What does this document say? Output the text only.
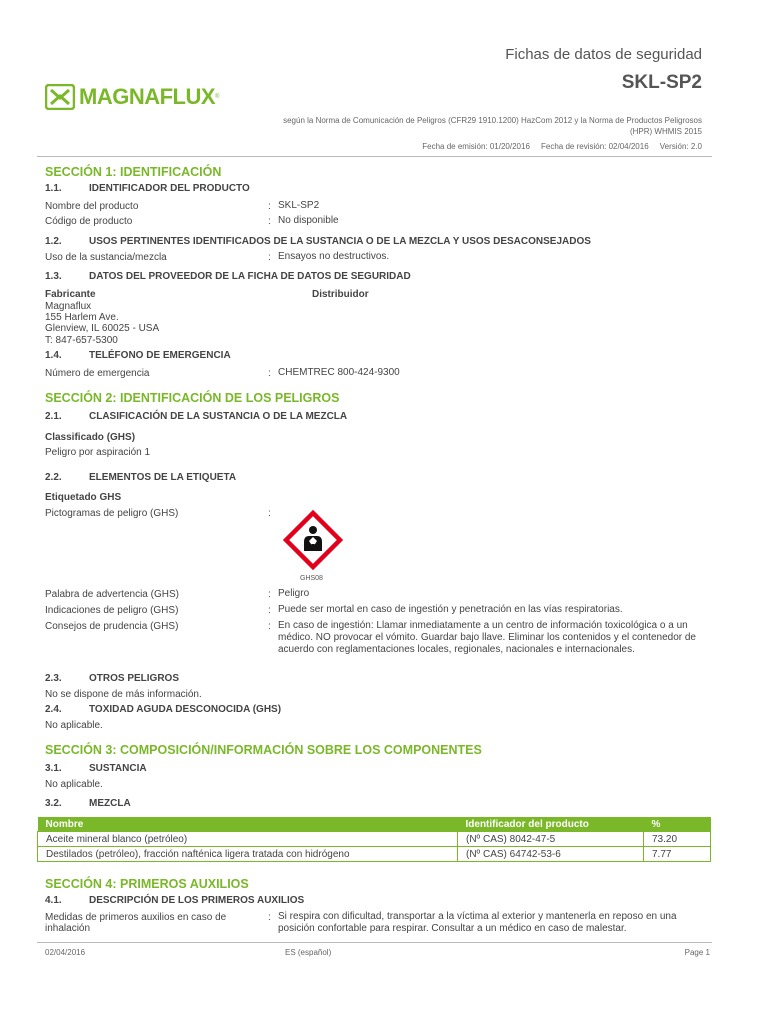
Fichas de datos de seguridad
SKL-SP2
MAGNAFLUX ®
según la Norma de Comunicación de Peligros (CFR29 1910.1200) HazCom 2012 y la Norma de Productos Peligrosos
(HPR) WHMIS 2015
Fecha de emisión: 01/20/2016     Fecha de revisión: 02/04/2016     Versión: 2.0
SECCIÓN 1: IDENTIFICACIÓN
1.1.	IDENTIFICADOR DEL PRODUCTO
Nombre del producto	: SKL-SP2
Código de producto	: No disponible
1.2.	USOS PERTINENTES IDENTIFICADOS DE LA SUSTANCIA O DE LA MEZCLA Y USOS DESACONSEJADOS
Uso de la sustancia/mezcla	: Ensayos no destructivos.
1.3.	DATOS DEL PROVEEDOR DE LA FICHA DE DATOS DE SEGURIDAD
Fabricante	Distribuidor
Magnaflux
155 Harlem Ave.
Glenview, IL 60025 - USA
T: 847-657-5300
1.4.	TELÉFONO DE EMERGENCIA
Número de emergencia	: CHEMTREC 800-424-9300
SECCIÓN 2: IDENTIFICACIÓN DE LOS PELIGROS
2.1.	CLASIFICACIÓN DE LA SUSTANCIA O DE LA MEZCLA
Classificado (GHS)
Peligro por aspiración 1
2.2.	ELEMENTOS DE LA ETIQUETA
Etiquetado GHS
Pictogramas de peligro (GHS)	:
GHS08
Palabra de advertencia (GHS)	: Peligro
Indicaciones de peligro (GHS)	: Puede ser mortal en caso de ingestión y penetración en las vías respiratorias.
Consejos de prudencia (GHS)	: En caso de ingestión: Llamar inmediatamente a un centro de información toxicológica o a un
médico. NO provocar el vómito. Guardar bajo llave. Eliminar los contenidos y el contenedor de
acuerdo con reglamentaciones locales, regionales, nacionales e internacionales.
2.3.	OTROS PELIGROS
No se dispone de más información.
2.4.	TOXIDAD AGUDA DESCONOCIDA (GHS)
No aplicable.
SECCIÓN 3: COMPOSICIÓN/INFORMACIÓN SOBRE LOS COMPONENTES
3.1.	SUSTANCIA
No aplicable.
3.2.	MEZCLA
Nombre	Identificador del producto	%
Aceite mineral blanco (petróleo)	(Nº CAS) 8042-47-5	73.20
Destilados (petróleo), fracción nafténica ligera tratada con hidrógeno	(Nº CAS) 64742-53-6	7.77
SECCIÓN 4: PRIMEROS AUXILIOS
4.1.	DESCRIPCIÓN DE LOS PRIMEROS AUXILIOS
Medidas de primeros auxilios en caso de
inhalación
: Si respira con dificultad, transportar a la víctima al exterior y mantenerla en reposo en una
posición confortable para respirar. Consultar a un médico en caso de malestar.
02/04/2016	ES (español)	Page 1
